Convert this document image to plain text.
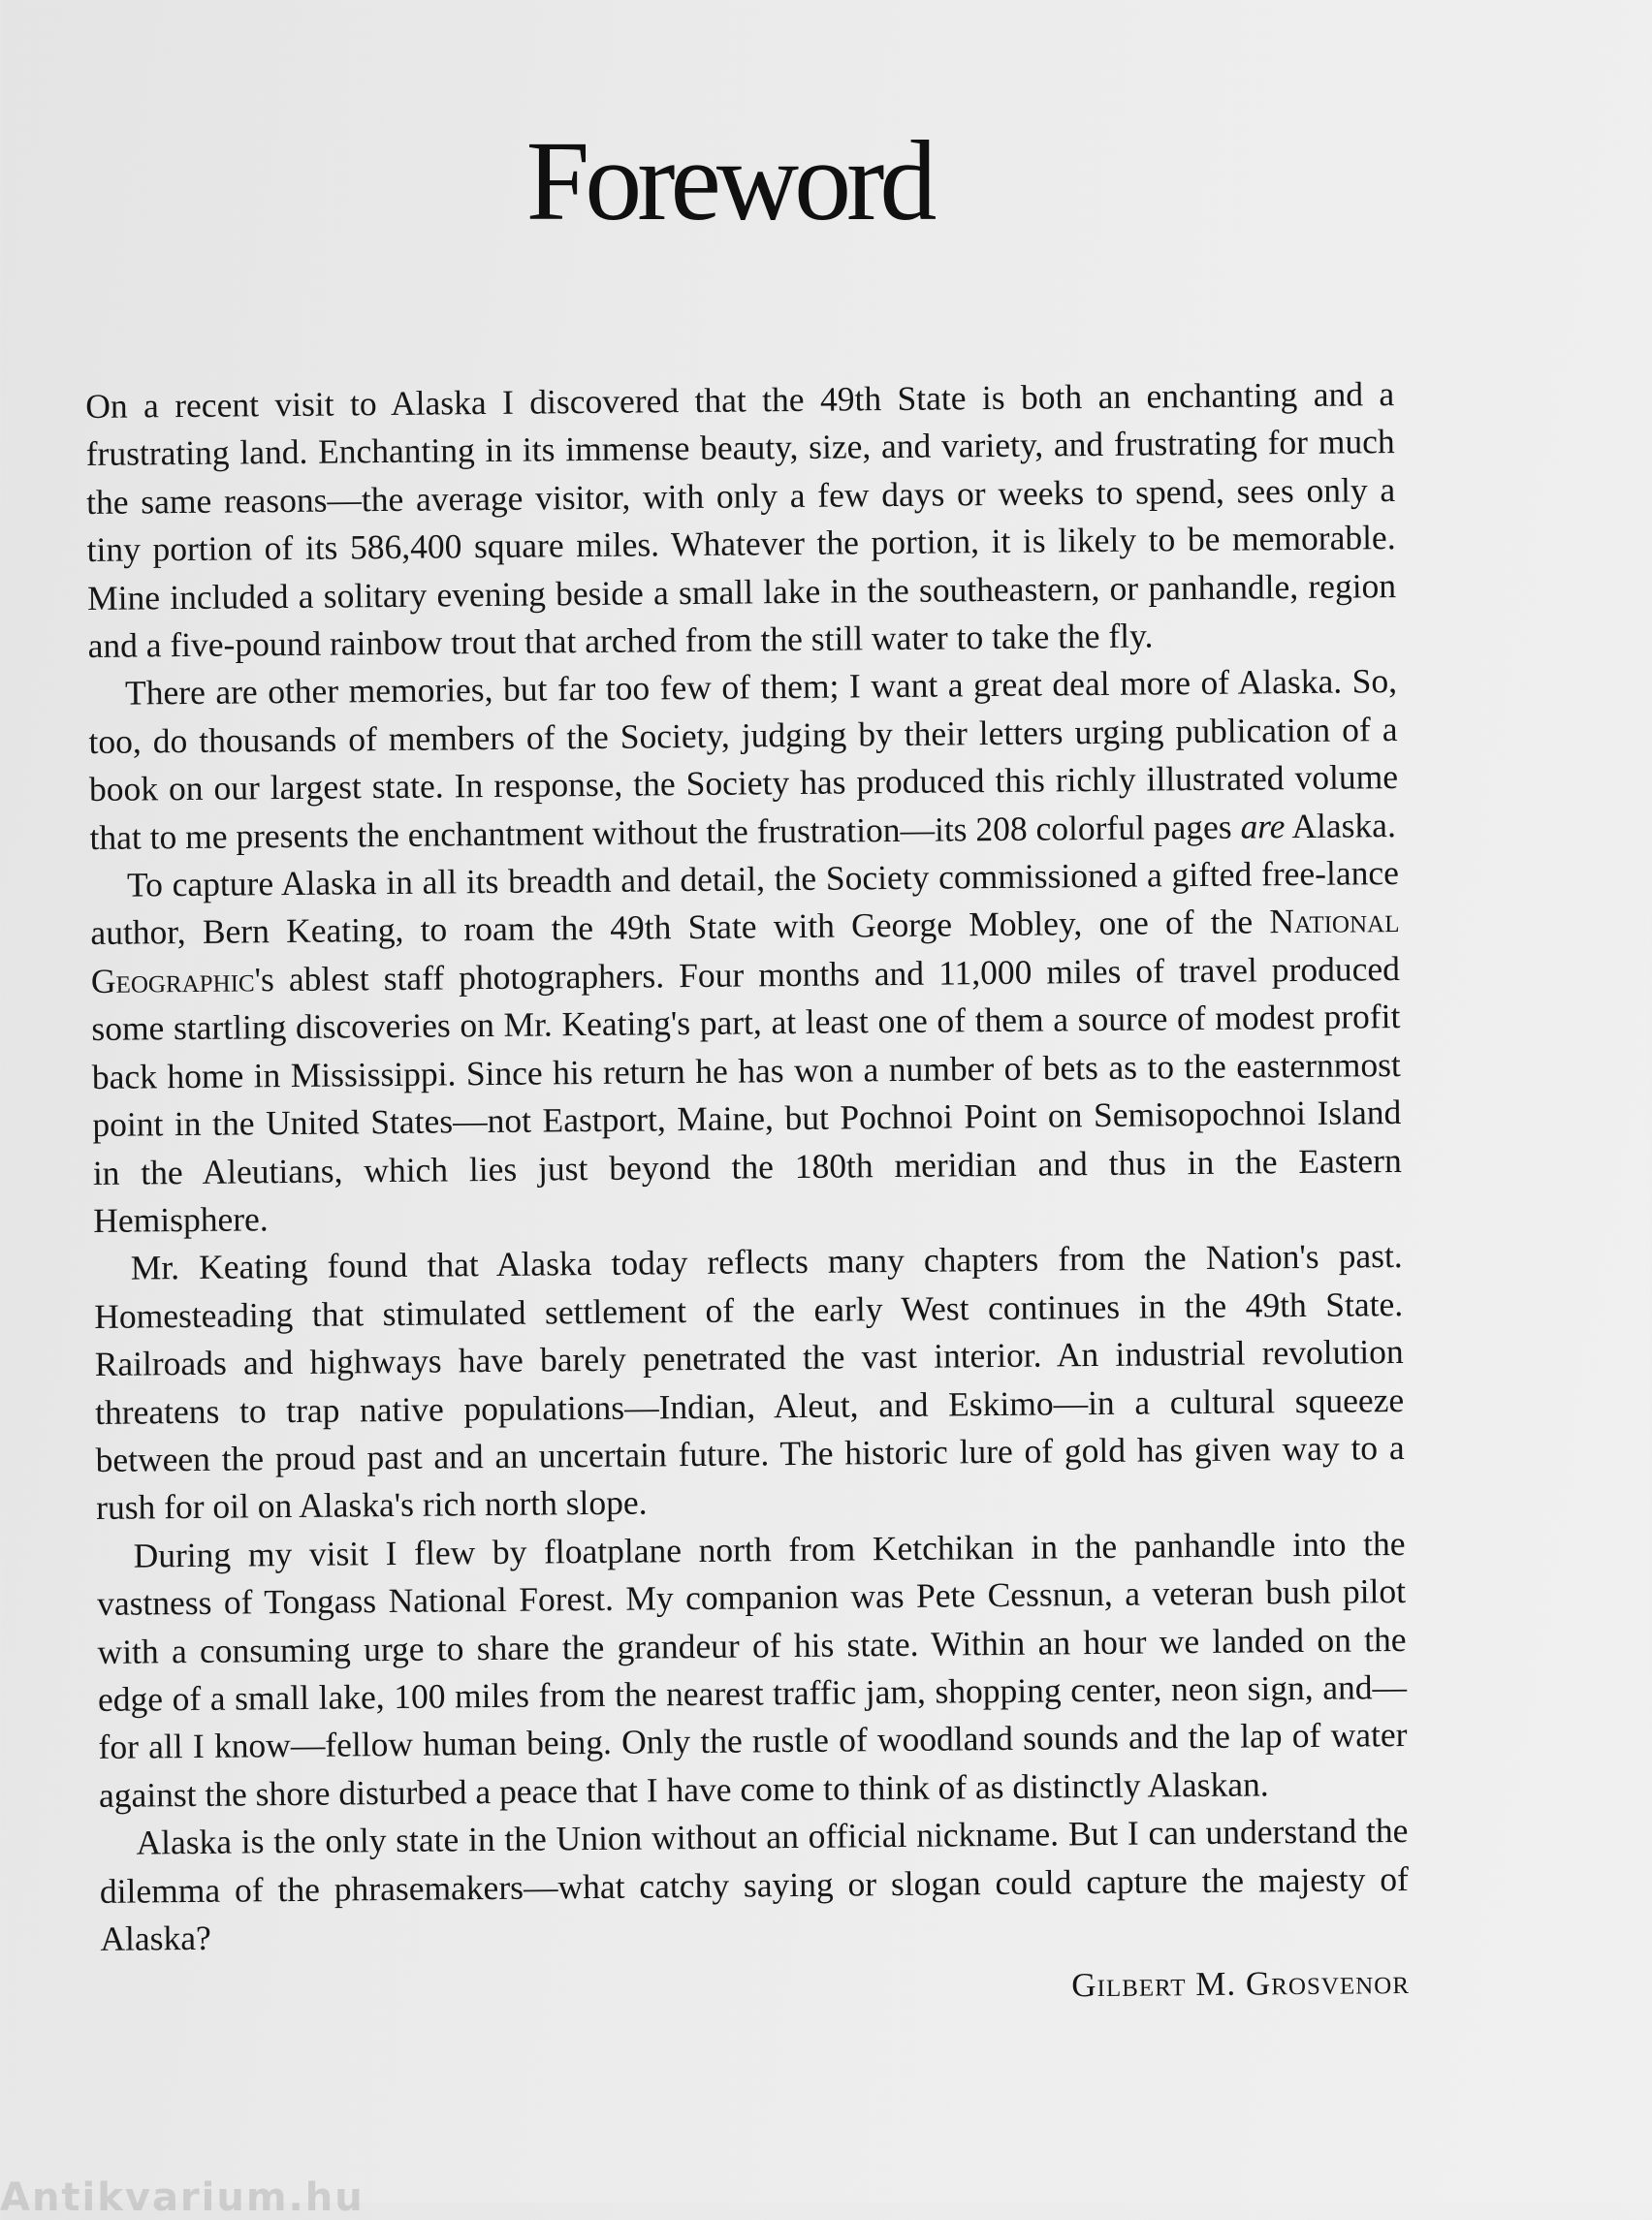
Foreword

On a recent visit to Alaska I discovered that the 49th State is both an enchanting and a frustrating land. Enchanting in its immense beauty, size, and variety, and frustrating for much the same reasons—the average visitor, with only a few days or weeks to spend, sees only a tiny portion of its 586,400 square miles. Whatever the portion, it is likely to be memorable. Mine included a solitary evening beside a small lake in the southeastern, or panhandle, region and a five-pound rainbow trout that arched from the still water to take the fly.

There are other memories, but far too few of them; I want a great deal more of Alaska. So, too, do thousands of members of the Society, judging by their letters urging publication of a book on our largest state. In response, the Society has produced this richly illustrated volume that to me presents the enchantment without the frustration—its 208 colorful pages are Alaska.

To capture Alaska in all its breadth and detail, the Society commissioned a gifted free-lance author, Bern Keating, to roam the 49th State with George Mobley, one of the National Geographic's ablest staff photographers. Four months and 11,000 miles of travel produced some startling discoveries on Mr. Keating's part, at least one of them a source of modest profit back home in Mississippi. Since his return he has won a number of bets as to the easternmost point in the United States—not Eastport, Maine, but Pochnoi Point on Semisopochnoi Island in the Aleutians, which lies just beyond the 180th meridian and thus in the Eastern Hemisphere.

Mr. Keating found that Alaska today reflects many chapters from the Nation's past. Homesteading that stimulated settlement of the early West continues in the 49th State. Railroads and highways have barely penetrated the vast interior. An industrial revolution threatens to trap native populations—Indian, Aleut, and Eskimo—in a cultural squeeze between the proud past and an uncertain future. The historic lure of gold has given way to a rush for oil on Alaska's rich north slope.

During my visit I flew by floatplane north from Ketchikan in the panhandle into the vastness of Tongass National Forest. My companion was Pete Cessnun, a veteran bush pilot with a consuming urge to share the grandeur of his state. Within an hour we landed on the edge of a small lake, 100 miles from the nearest traffic jam, shopping center, neon sign, and—for all I know—fellow human being. Only the rustle of woodland sounds and the lap of water against the shore disturbed a peace that I have come to think of as distinctly Alaskan.

Alaska is the only state in the Union without an official nickname. But I can understand the dilemma of the phrasemakers—what catchy saying or slogan could capture the majesty of Alaska?

Gilbert M. Grosvenor
Antikvarium.hu
